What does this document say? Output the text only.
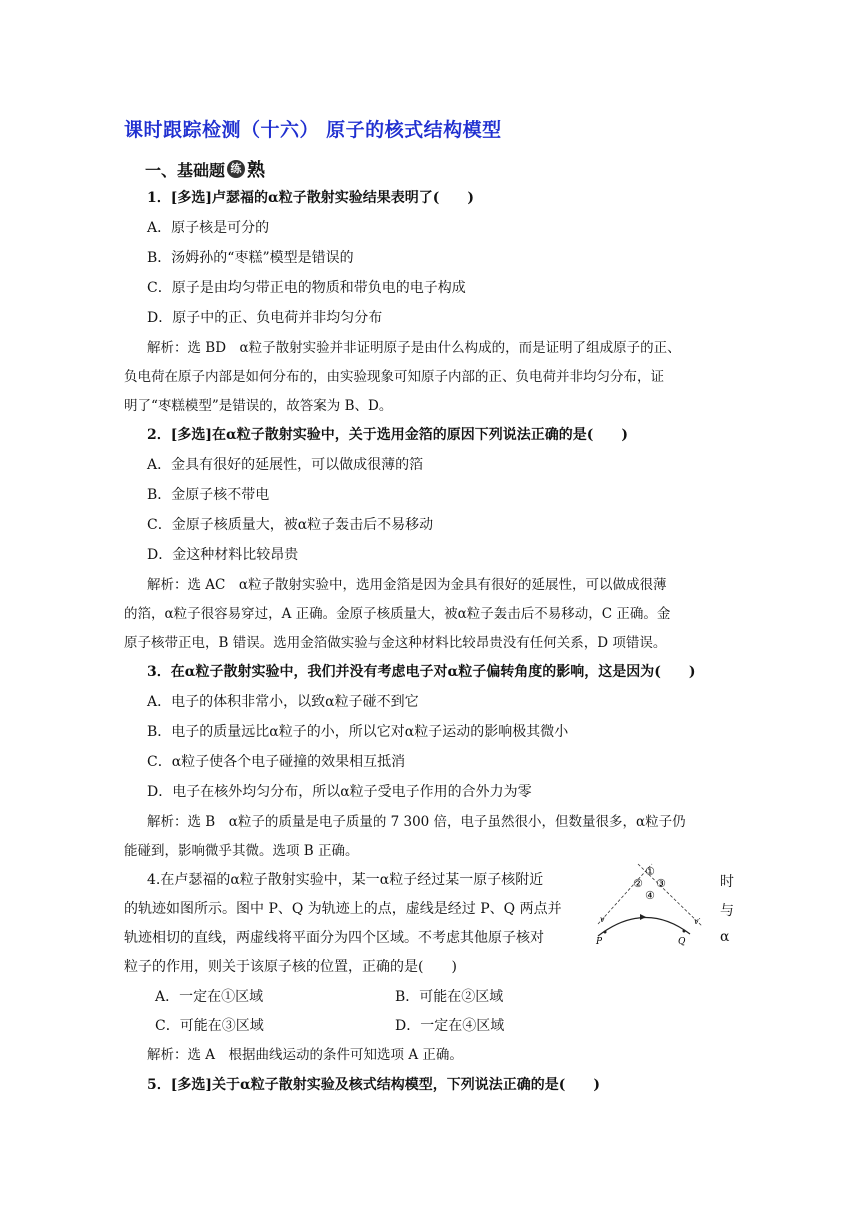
课时跟踪检测（十六） 原子的核式结构模型
一、基础题 练 熟
1．[多选]卢瑟福的α粒子散射实验结果表明了(　　)
A．原子核是可分的
B．汤姆孙的“枣糕”模型是错误的
C．原子是由均匀带正电的物质和带负电的电子构成
D．原子中的正、负电荷并非均匀分布
解析：选 BD　α粒子散射实验并非证明原子是由什么构成的，而是证明了组成原子的正、
负电荷在原子内部是如何分布的，由实验现象可知原子内部的正、负电荷并非均匀分布，证
明了“枣糕模型”是错误的，故答案为 B、D。
2．[多选]在α粒子散射实验中，关于选用金箔的原因下列说法正确的是(　　)
A．金具有很好的延展性，可以做成很薄的箔
B．金原子核不带电
C．金原子核质量大，被α粒子轰击后不易移动
D．金这种材料比较昂贵
解析：选 AC　α粒子散射实验中，选用金箔是因为金具有很好的延展性，可以做成很薄
的箔，α粒子很容易穿过，A 正确。金原子核质量大，被α粒子轰击后不易移动，C 正确。金
原子核带正电，B 错误。选用金箔做实验与金这种材料比较昂贵没有任何关系，D 项错误。
3．在α粒子散射实验中，我们并没有考虑电子对α粒子偏转角度的影响，这是因为(　　)
A．电子的体积非常小，以致α粒子碰不到它
B．电子的质量远比α粒子的小，所以它对α粒子运动的影响极其微小
C．α粒子使各个电子碰撞的效果相互抵消
D．电子在核外均匀分布，所以α粒子受电子作用的合外力为零
解析：选 B　α粒子的质量是电子质量的 7 300 倍，电子虽然很小，但数量很多，α粒子仍
能碰到，影响微乎其微。选项 B 正确。
4.在卢瑟福的α粒子散射实验中，某一α粒子经过某一原子核附近
的轨迹如图所示。图中 P、Q 为轨迹上的点，虚线是经过 P、Q 两点并
轨迹相切的直线，两虚线将平面分为四个区域。不考虑其他原子核对
粒子的作用，则关于该原子核的位置，正确的是(　　)
时
与
α
①
② ③
④
P	Q
v	v′
A．一定在①区域	B．可能在②区域
C．可能在③区域	D．一定在④区域
解析：选 A　根据曲线运动的条件可知选项 A 正确。
5．[多选]关于α粒子散射实验及核式结构模型，下列说法正确的是(　　)
